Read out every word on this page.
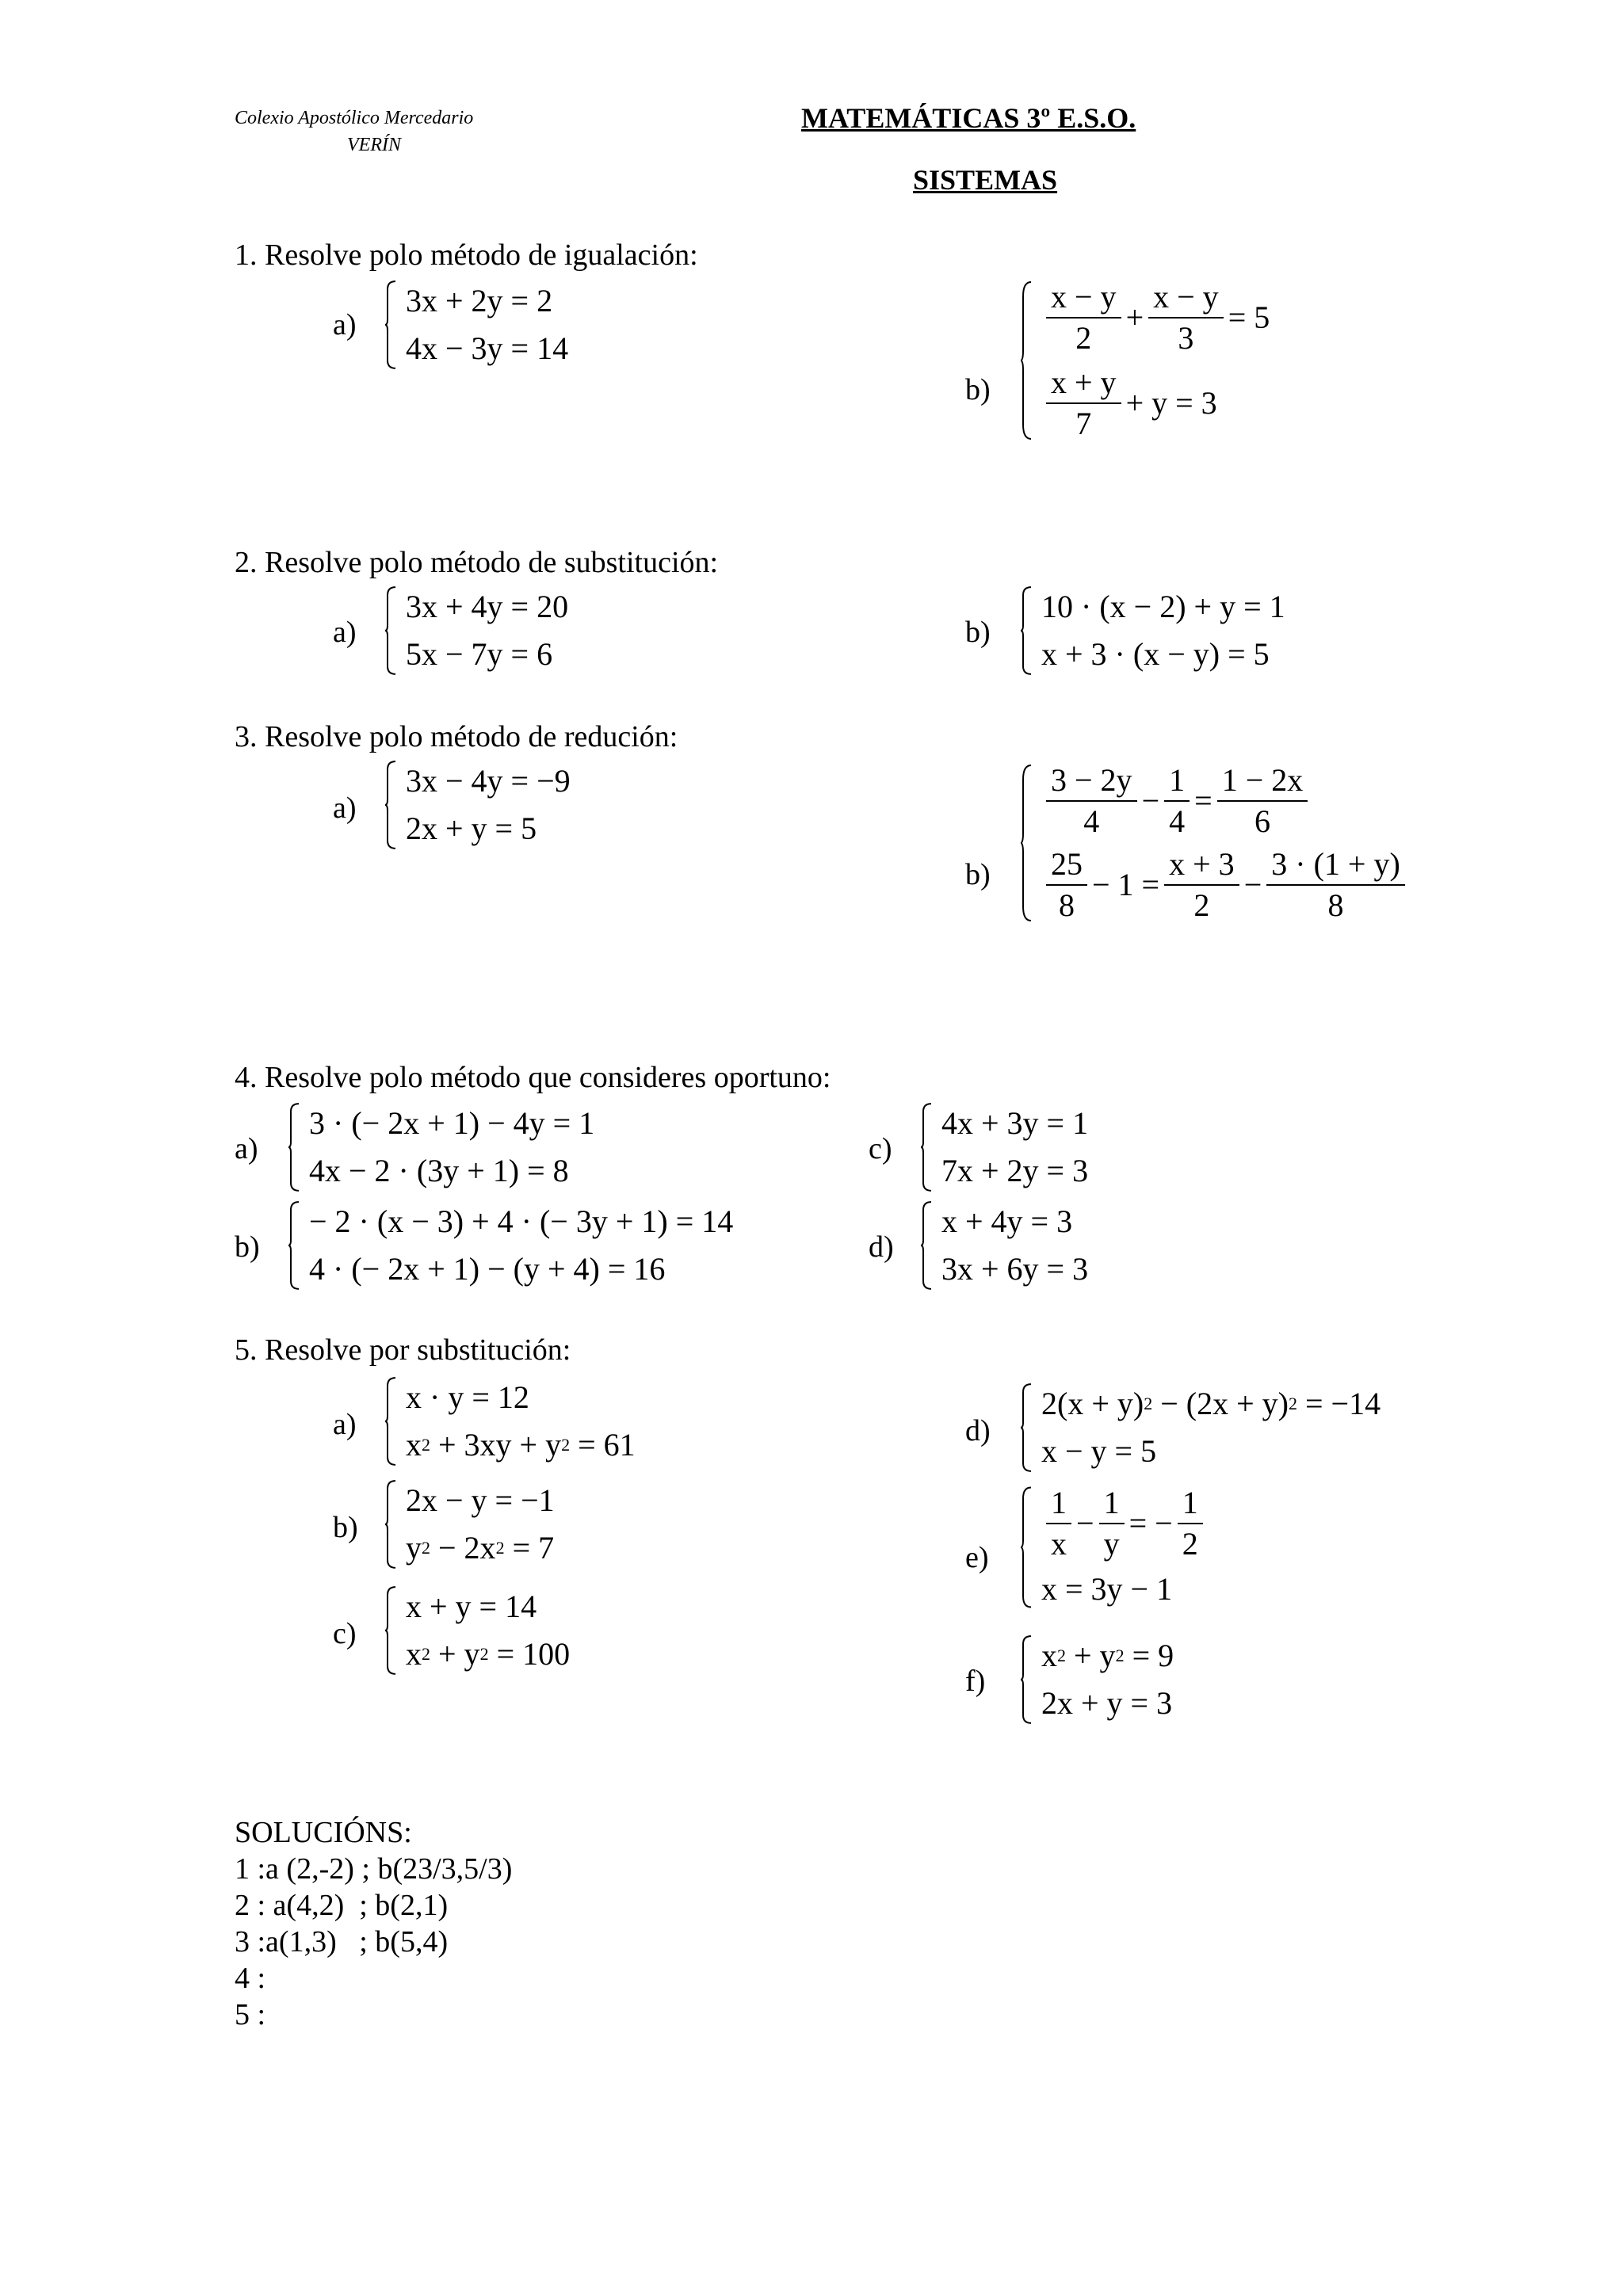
Colexio Apostólico Mercedario
VERÍN
MATEMÁTICAS 3º E.S.O.
SISTEMAS
1. Resolve polo método de igualación:
a)
3x + 2y = 2
4x − 3y = 14
b)
$\frac{x - y}{2} + \frac{x - y}{3} = 5$
$\frac{x + y}{7} + y = 3$
2. Resolve polo método de substitución:
a)
3x + 4y = 20
5x − 7y = 6
b)
10 · (x − 2) + y = 1
x + 3 · (x − y) = 5
3. Resolve polo método de redución:
a)
3x − 4y = −9
2x + y = 5
b)
$\frac{3 - 2y}{4} - \frac{1}{4} = \frac{1 - 2x}{6}$
$\frac{25}{8} - 1 = \frac{x + 3}{2} - \frac{3 \cdot (1 + y)}{8}$
4. Resolve polo método que consideres oportuno:
a)
3 · (− 2x + 1) − 4y = 1
4x − 2 · (3y + 1) = 8
b)
− 2 · (x − 3) + 4 · (− 3y + 1) = 14
4 · (− 2x + 1) − (y + 4) = 16
c)
4x + 3y = 1
7x + 2y = 3
d)
x + 4y = 3
3x + 6y = 3
5. Resolve por substitución:
a)
x · y = 12
x 2 + 3xy + y 2 = 61
b)
2x − y = −1
y 2 − 2x 2 = 7
c)
x + y = 14
x 2 + y 2 = 100
d)
2(x + y) 2 − (2x + y) 2 = −14
x − y = 5
$e) \frac{1}{x} - \frac{1}{y}$ = − $\frac{1}{2}$
x = 3y − 1
f)
x 2 + y 2 = 9
2x + y = 3
SOLUCIÓNS:
1 :a (2,-2) ; b(23/3,5/3)
2 : a(4,2)  ; b(2,1)
3 :a(1,3)   ; b(5,4)
4 :
5 :
